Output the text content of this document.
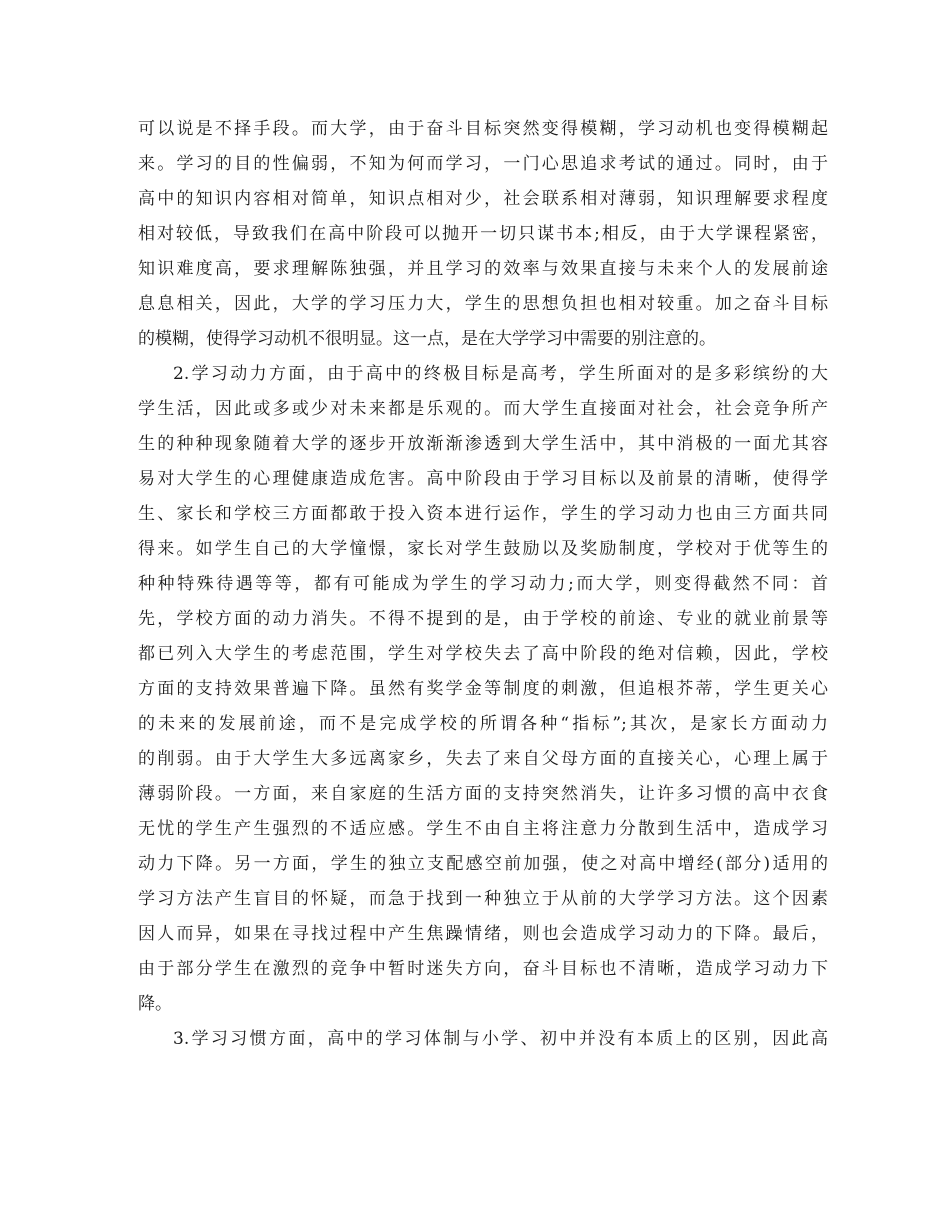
可以说是不择手段。而大学，由于奋斗目标突然变得模糊，学习动机也变得模糊起
来。学习的目的性偏弱，不知为何而学习，一门心思追求考试的通过。同时，由于
高中的知识内容相对简单，知识点相对少，社会联系相对薄弱，知识理解要求程度
相对较低，导致我们在高中阶段可以抛开一切只谋书本;相反，由于大学课程紧密，
知识难度高，要求理解陈独强，并且学习的效率与效果直接与未来个人的发展前途
息息相关，因此，大学的学习压力大，学生的思想负担也相对较重。加之奋斗目标
的模糊，使得学习动机不很明显。这一点，是在大学学习中需要的别注意的。
2.学习动力方面，由于高中的终极目标是高考，学生所面对的是多彩缤纷的大
学生活，因此或多或少对未来都是乐观的。而大学生直接面对社会，社会竞争所产
生的种种现象随着大学的逐步开放渐渐渗透到大学生活中，其中消极的一面尤其容
易对大学生的心理健康造成危害。高中阶段由于学习目标以及前景的清晰，使得学
生、家长和学校三方面都敢于投入资本进行运作，学生的学习动力也由三方面共同
得来。如学生自己的大学憧憬，家长对学生鼓励以及奖励制度，学校对于优等生的
种种特殊待遇等等，都有可能成为学生的学习动力;而大学，则变得截然不同：首
先，学校方面的动力消失。不得不提到的是，由于学校的前途、专业的就业前景等
都已列入大学生的考虑范围，学生对学校失去了高中阶段的绝对信赖，因此，学校
方面的支持效果普遍下降。虽然有奖学金等制度的刺激，但追根芥蒂，学生更关心
的未来的发展前途，而不是完成学校的所谓各种“指标”;其次，是家长方面动力
的削弱。由于大学生大多远离家乡，失去了来自父母方面的直接关心，心理上属于
薄弱阶段。一方面，来自家庭的生活方面的支持突然消失，让许多习惯的高中衣食
无忧的学生产生强烈的不适应感。学生不由自主将注意力分散到生活中，造成学习
动力下降。另一方面，学生的独立支配感空前加强，使之对高中增经(部分)适用的
学习方法产生盲目的怀疑，而急于找到一种独立于从前的大学学习方法。这个因素
因人而异，如果在寻找过程中产生焦躁情绪，则也会造成学习动力的下降。最后，
由于部分学生在激烈的竞争中暂时迷失方向，奋斗目标也不清晰，造成学习动力下
降。
3.学习习惯方面，高中的学习体制与小学、初中并没有本质上的区别，因此高
